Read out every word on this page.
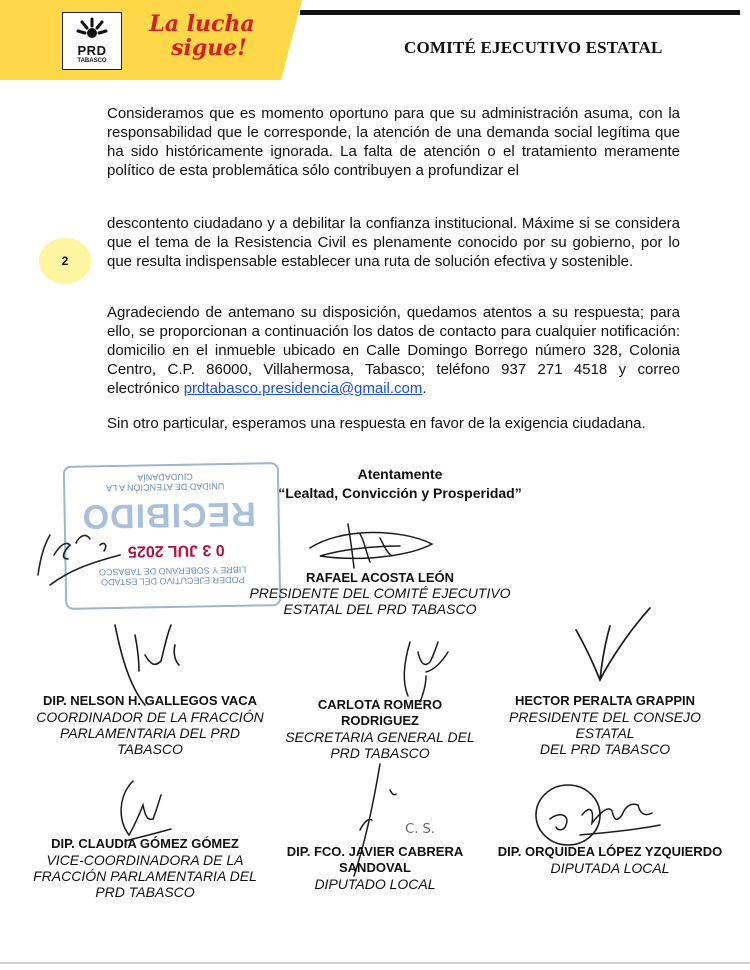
PRD
TABASCO
La lucha
sigue!	COMITÉ EJECUTIVO ESTATAL

Consideramos que es momento oportuno para que su administración asuma, con la responsabilidad que le corresponde, la atención de una demanda social legítima que ha sido históricamente ignorada. La falta de atención o el tratamiento meramente político de esta problemática sólo contribuyen a profundizar el

2

descontento ciudadano y a debilitar la confianza institucional. Máxime si se considera que el tema de la Resistencia Civil es plenamente conocido por su gobierno, por lo que resulta indispensable establecer una ruta de solución efectiva y sostenible.

Agradeciendo de antemano su disposición, quedamos atentos a su respuesta; para ello, se proporcionan a continuación los datos de contacto para cualquier notificación: domicilio en el inmueble ubicado en Calle Domingo Borrego número 328, Colonia Centro, C.P. 86000, Villahermosa, Tabasco; teléfono 937 271 4518 y correo electrónico prdtabasco.presidencia@gmail.com.

Sin otro particular, esperamos una respuesta en favor de la exigencia ciudadana.

Atentamente
“Lealtad, Convicción y Prosperidad”
PODER EJECUTIVO DEL ESTADO LIBRE Y SOBERANO DE TABASCO
0 3 JUL 2025
RECIBIDO
UNIDAD DE ATENCIÓN A LA CIUDADANÍA
RAFAEL ACOSTA LEÓN
PRESIDENTE DEL COMITÉ EJECUTIVO
ESTATAL DEL PRD TABASCO
DIP. NELSON H. GALLEGOS VACA
COORDINADOR DE LA FRACCIÓN
PARLAMENTARIA DEL PRD
TABASCO
CARLOTA ROMERO
RODRIGUEZ
SECRETARIA GENERAL DEL
PRD TABASCO
HECTOR PERALTA GRAPPIN
PRESIDENTE DEL CONSEJO
ESTATAL
DEL PRD TABASCO
DIP. CLAUDIA GÓMEZ GÓMEZ
VICE-COORDINADORA DE LA
FRACCIÓN PARLAMENTARIA DEL
PRD TABASCO
C. S.
DIP. FCO. JAVIER CABRERA
SANDOVAL
DIPUTADO LOCAL
DIP. ORQUIDEA LÓPEZ YZQUIERDO
DIPUTADA LOCAL
